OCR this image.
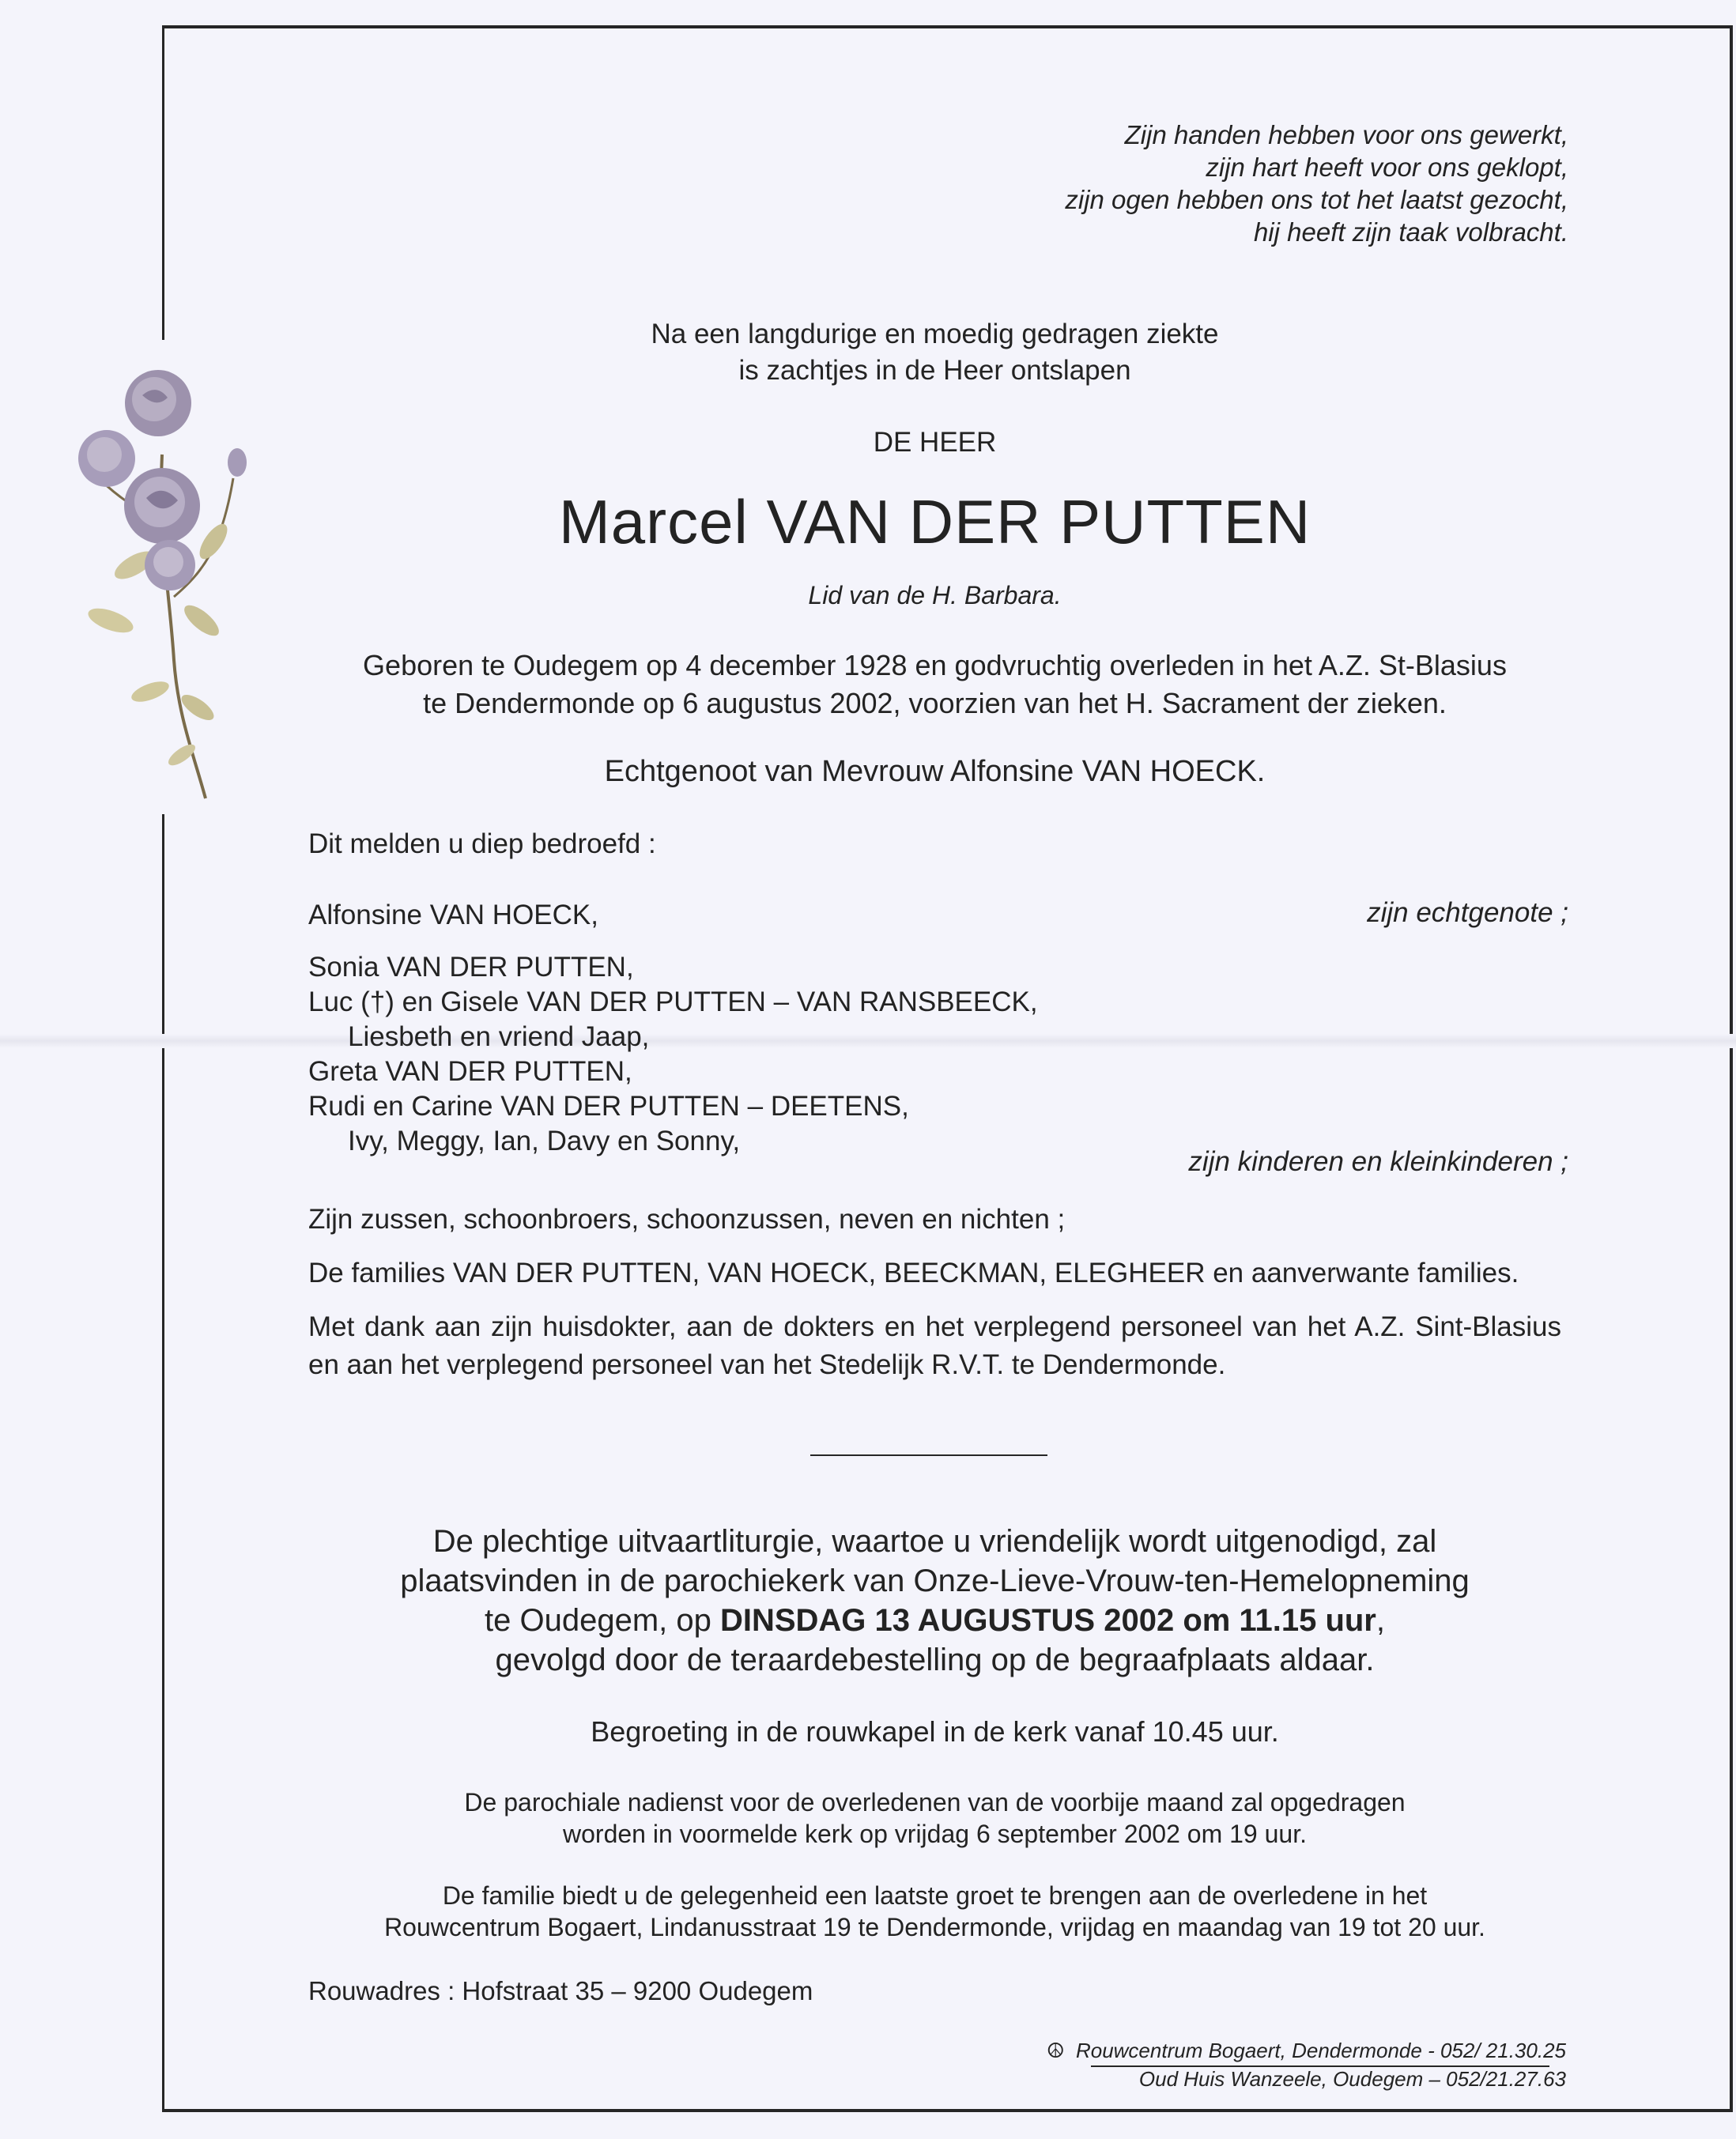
Zijn handen hebben voor ons gewerkt,
zijn hart heeft voor ons geklopt,
zijn ogen hebben ons tot het laatst gezocht,
hij heeft zijn taak volbracht.
Na een langdurige en moedig gedragen ziekte
is zachtjes in de Heer ontslapen
DE HEER
Marcel VAN DER PUTTEN
Lid van de H. Barbara.
Geboren te Oudegem op 4 december 1928 en godvruchtig overleden in het A.Z. St-Blasius
te Dendermonde op 6 augustus 2002, voorzien van het H. Sacrament der zieken.
Echtgenoot van Mevrouw Alfonsine VAN HOECK.
Dit melden u diep bedroefd :
Alfonsine VAN HOECK,	zijn echtgenote ;
Sonia VAN DER PUTTEN,
Luc (†) en Gisele VAN DER PUTTEN – VAN RANSBEECK,
Liesbeth en vriend Jaap,
Greta VAN DER PUTTEN,
Rudi en Carine VAN DER PUTTEN – DEETENS,
Ivy, Meggy, Ian, Davy en Sonny,
zijn kinderen en kleinkinderen ;
Zijn zussen, schoonbroers, schoonzussen, neven en nichten ;
De families VAN DER PUTTEN, VAN HOECK, BEECKMAN, ELEGHEER en aanverwante families.
Met dank aan zijn huisdokter, aan de dokters en het verplegend personeel van het A.Z. Sint-Blasius en aan het verplegend personeel van het Stedelijk R.V.T. te Dendermonde.
De plechtige uitvaartliturgie, waartoe u vriendelijk wordt uitgenodigd, zal
plaatsvinden in de parochiekerk van Onze-Lieve-Vrouw-ten-Hemelopneming
te Oudegem, op DINSDAG 13 AUGUSTUS 2002 om 11.15 uur,
gevolgd door de teraardebestelling op de begraafplaats aldaar.
Begroeting in de rouwkapel in de kerk vanaf 10.45 uur.
De parochiale nadienst voor de overledenen van de voorbije maand zal opgedragen
worden in voormelde kerk op vrijdag 6 september 2002 om 19 uur.
De familie biedt u de gelegenheid een laatste groet te brengen aan de overledene in het
Rouwcentrum Bogaert, Lindanusstraat 19 te Dendermonde, vrijdag en maandag van 19 tot 20 uur.
Rouwadres : Hofstraat 35 – 9200 Oudegem
☮ Rouwcentrum Bogaert, Dendermonde - 052/ 21.30.25
Oud Huis Wanzeele, Oudegem – 052/21.27.63
